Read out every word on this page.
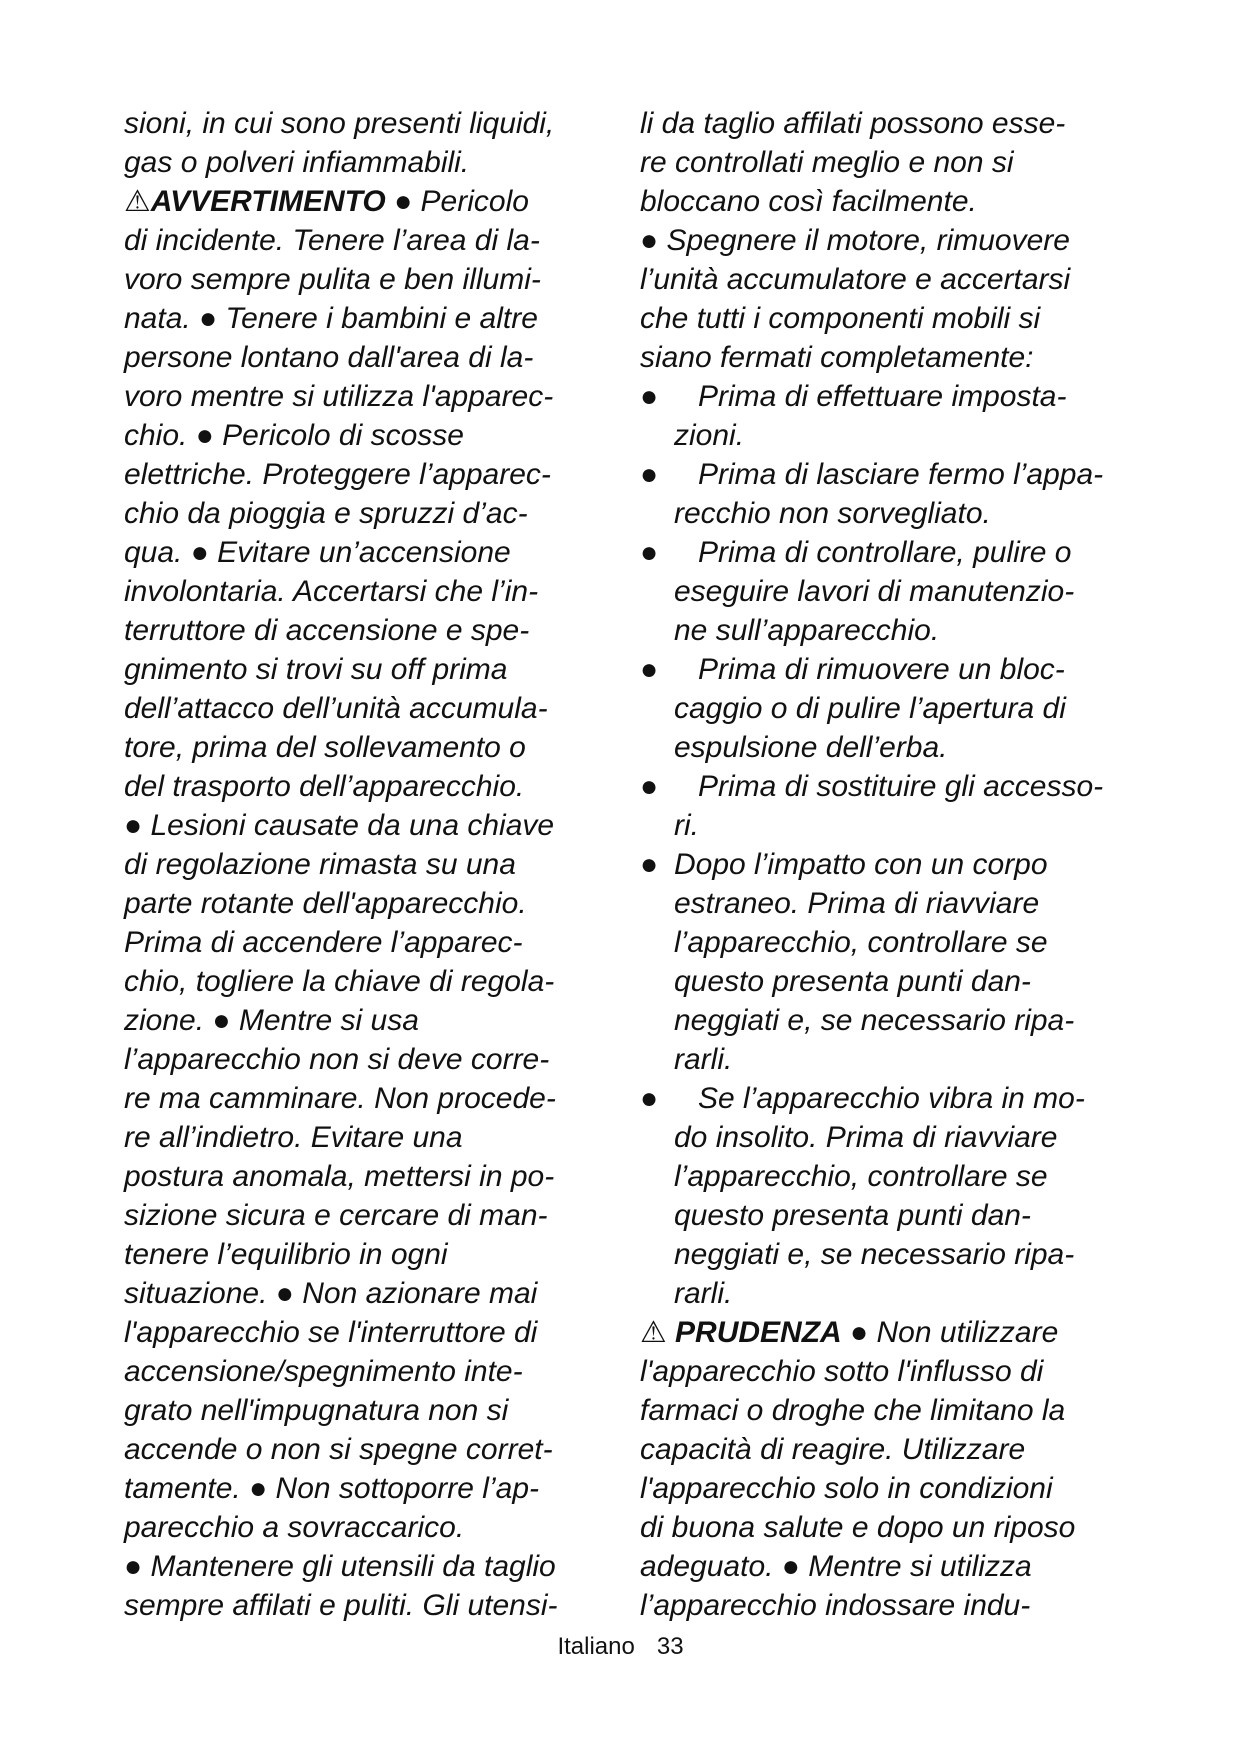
sioni, in cui sono presenti liquidi,
gas o polveri infiammabili.
⚠AVVERTIMENTO ● Pericolo
di incidente. Tenere l’area di la-
voro sempre pulita e ben illumi-
nata. ● Tenere i bambini e altre
persone lontano dall'area di la-
voro mentre si utilizza l'apparec-
chio. ● Pericolo di scosse
elettriche. Proteggere l’apparec-
chio da pioggia e spruzzi d’ac-
qua. ● Evitare un’accensione
involontaria. Accertarsi che l’in-
terruttore di accensione e spe-
gnimento si trovi su off prima
dell’attacco dell’unità accumula-
tore, prima del sollevamento o
del trasporto dell’apparecchio.
● Lesioni causate da una chiave
di regolazione rimasta su una
parte rotante dell'apparecchio.
Prima di accendere l’apparec-
chio, togliere la chiave di regola-
zione. ● Mentre si usa
l’apparecchio non si deve corre-
re ma camminare. Non procede-
re all’indietro. Evitare una
postura anomala, mettersi in po-
sizione sicura e cercare di man-
tenere l’equilibrio in ogni
situazione. ● Non azionare mai
l'apparecchio se l'interruttore di
accensione/spegnimento inte-
grato nell'impugnatura non si
accende o non si spegne corret-
tamente. ● Non sottoporre l’ap-
parecchio a sovraccarico.
● Mantenere gli utensili da taglio
sempre affilati e puliti. Gli utensi-
li da taglio affilati possono esse-
re controllati meglio e non si
bloccano così facilmente.
● Spegnere il motore, rimuovere
l’unità accumulatore e accertarsi
che tutti i componenti mobili si
siano fermati completamente:
●	Prima di effettuare imposta-
zioni.
●	Prima di lasciare fermo l’appa-
recchio non sorvegliato.
●	Prima di controllare, pulire o
eseguire lavori di manutenzio-
ne sull’apparecchio.
●	Prima di rimuovere un bloc-
caggio o di pulire l’apertura di
espulsione dell’erba.
●	Prima di sostituire gli accesso-
ri.
● Dopo l’impatto con un corpo
estraneo. Prima di riavviare
l’apparecchio, controllare se
questo presenta punti dan-
neggiati e, se necessario ripa-
rarli.
●	Se l’apparecchio vibra in mo-
do insolito. Prima di riavviare
l’apparecchio, controllare se
questo presenta punti dan-
neggiati e, se necessario ripa-
rarli.
⚠ PRUDENZA ● Non utilizzare
l'apparecchio sotto l'influsso di
farmaci o droghe che limitano la
capacità di reagire. Utilizzare
l'apparecchio solo in condizioni
di buona salute e dopo un riposo
adeguato. ● Mentre si utilizza
l’apparecchio indossare indu-
Italiano 33
